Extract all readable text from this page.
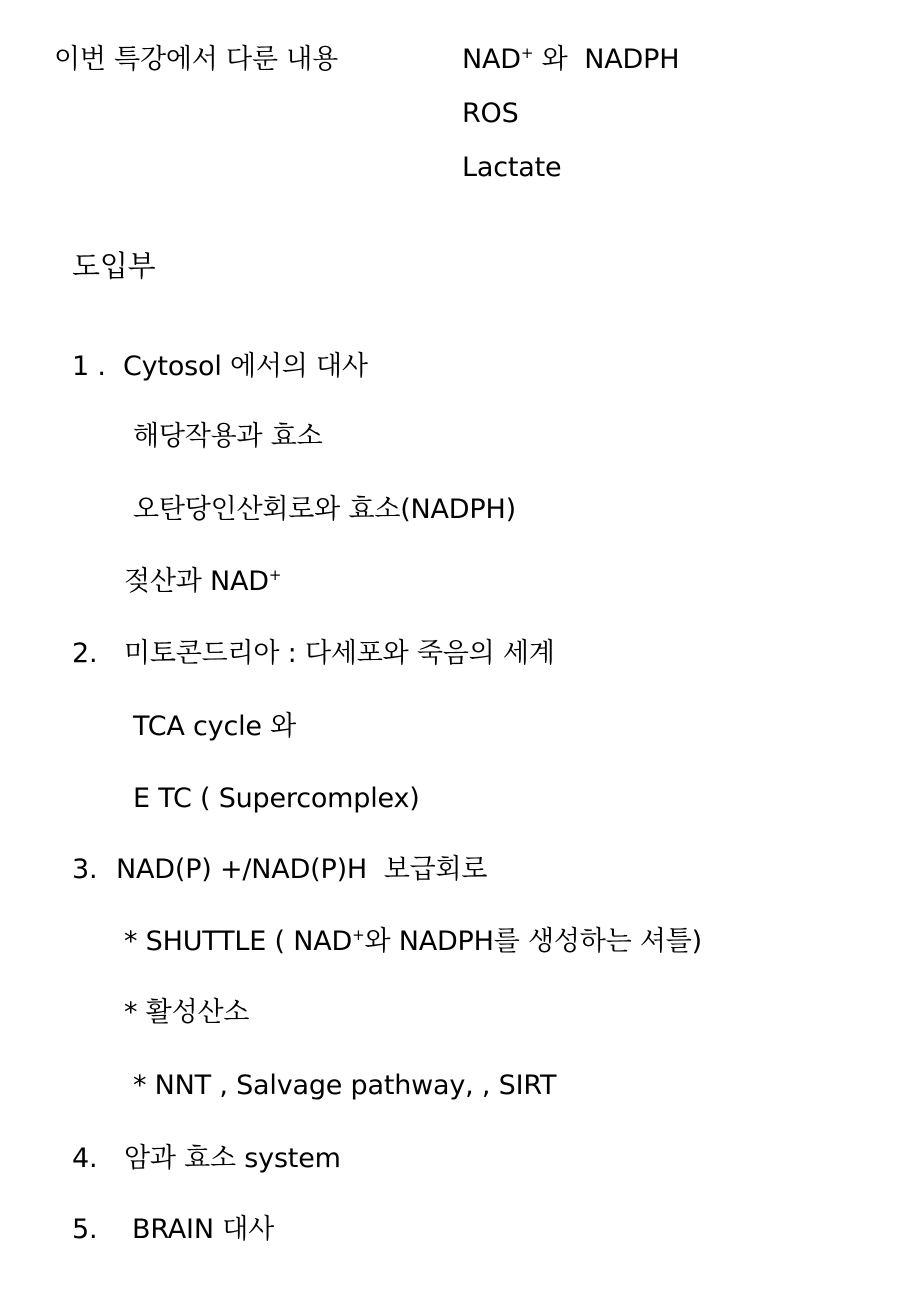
이번 특강에서 다룬 내용	NAD+ 와  NADPH
ROS
Lactate
도입부
1 . Cytosol 에서의 대사
해당작용과 효소
오탄당인산회로와 효소(NADPH)
젖산과 NAD+
2. 미토콘드리아 : 다세포와 죽음의 세계
TCA cycle 와
E TC ( Supercomplex)
3. NAD(P) +/NAD(P)H  보급회로
* SHUTTLE ( NAD+와 NADPH를 생성하는 셔틀)
* 활성산소
* NNT , Salvage pathway, , SIRT
4. 암과 효소 system
5. BRAIN 대사
